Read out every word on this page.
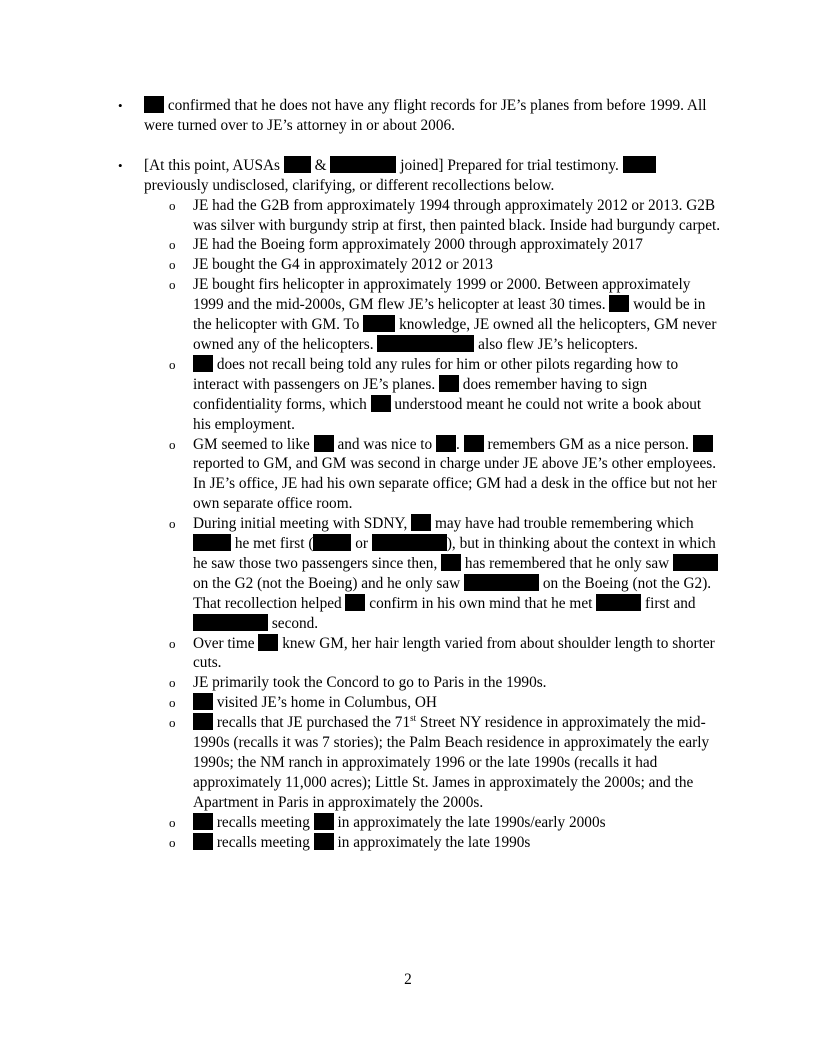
•	confirmed that he does not have any flight records for JE’s planes from before 1999. All were turned over to JE’s attorney in or about 2006.
• [At this point, AUSAs  &	joined] Prepared for trial testimony.  previously undisclosed, clarifying, or different recollections below.
o JE had the G2B from approximately 1994 through approximately 2012 or 2013. G2B was silver with burgundy strip at first, then painted black. Inside had burgundy carpet.
o JE had the Boeing form approximately 2000 through approximately 2017
o JE bought the G4 in approximately 2012 or 2013
o JE bought firs helicopter in approximately 1999 or 2000. Between approximately 1999 and the mid-2000s, GM flew JE’s helicopter at least 30 times.  would be in the helicopter with GM. To  knowledge, JE owned all the helicopters, GM never owned any of the helicopters.	also flew JE’s helicopters.
o does not recall being told any rules for him or other pilots regarding how to interact with passengers on JE’s planes.  does remember having to sign confidentiality forms, which  understood meant he could not write a book about his employment.
o GM seemed to like  and was nice to .  remembers GM as a nice person.  reported to GM, and GM was second in charge under JE above JE’s other employees. In JE’s office, JE had his own separate office; GM had a desk in the office but not her own separate office room.
o During initial meeting with SDNY,  may have had trouble remembering which  he met first ( or	), but in thinking about the context in which he saw those two passengers since then,  has remembered that he only saw  on the G2 (not the Boeing) and he only saw	on the Boeing (not the G2). That recollection helped  confirm in his own mind that he met	first and  second.
o Over time  knew GM, her hair length varied from about shoulder length to shorter cuts.
o JE primarily took the Concord to go to Paris in the 1990s.
o visited JE’s home in Columbus, OH
o recalls that JE purchased the 71st Street NY residence in approximately the mid-1990s (recalls it was 7 stories); the Palm Beach residence in approximately the early 1990s; the NM ranch in approximately 1996 or the late 1990s (recalls it had approximately 11,000 acres); Little St. James in approximately the 2000s; and the Apartment in Paris in approximately the 2000s.
o recalls meeting  in approximately the late 1990s/early 2000s
o recalls meeting  in approximately the late 1990s
2
